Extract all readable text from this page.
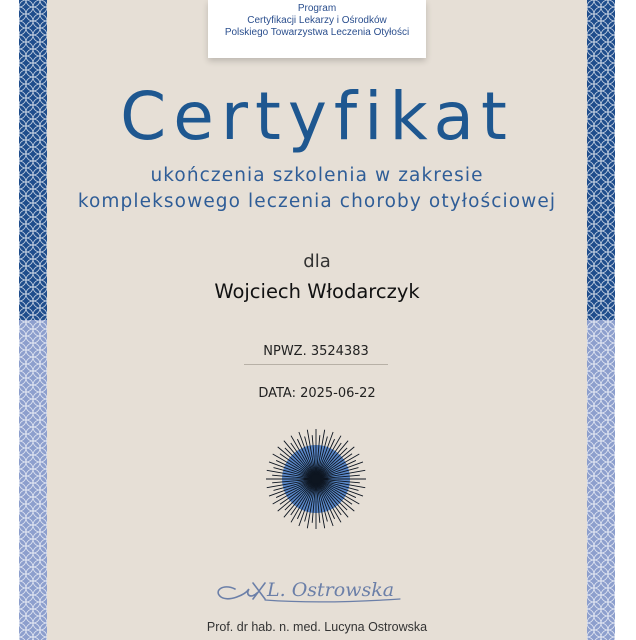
Program
Certyfikacji Lekarzy i Ośrodków
Polskiego Towarzystwa Leczenia Otyłości
Certyfikat
ukończenia szkolenia w zakresie
kompleksowego leczenia choroby otyłościowej
dla
Wojciech Włodarczyk
NPWZ. 3524383
DATA: 2025-06-22
L. Ostrowska
Prof. dr hab. n. med. Lucyna Ostrowska
